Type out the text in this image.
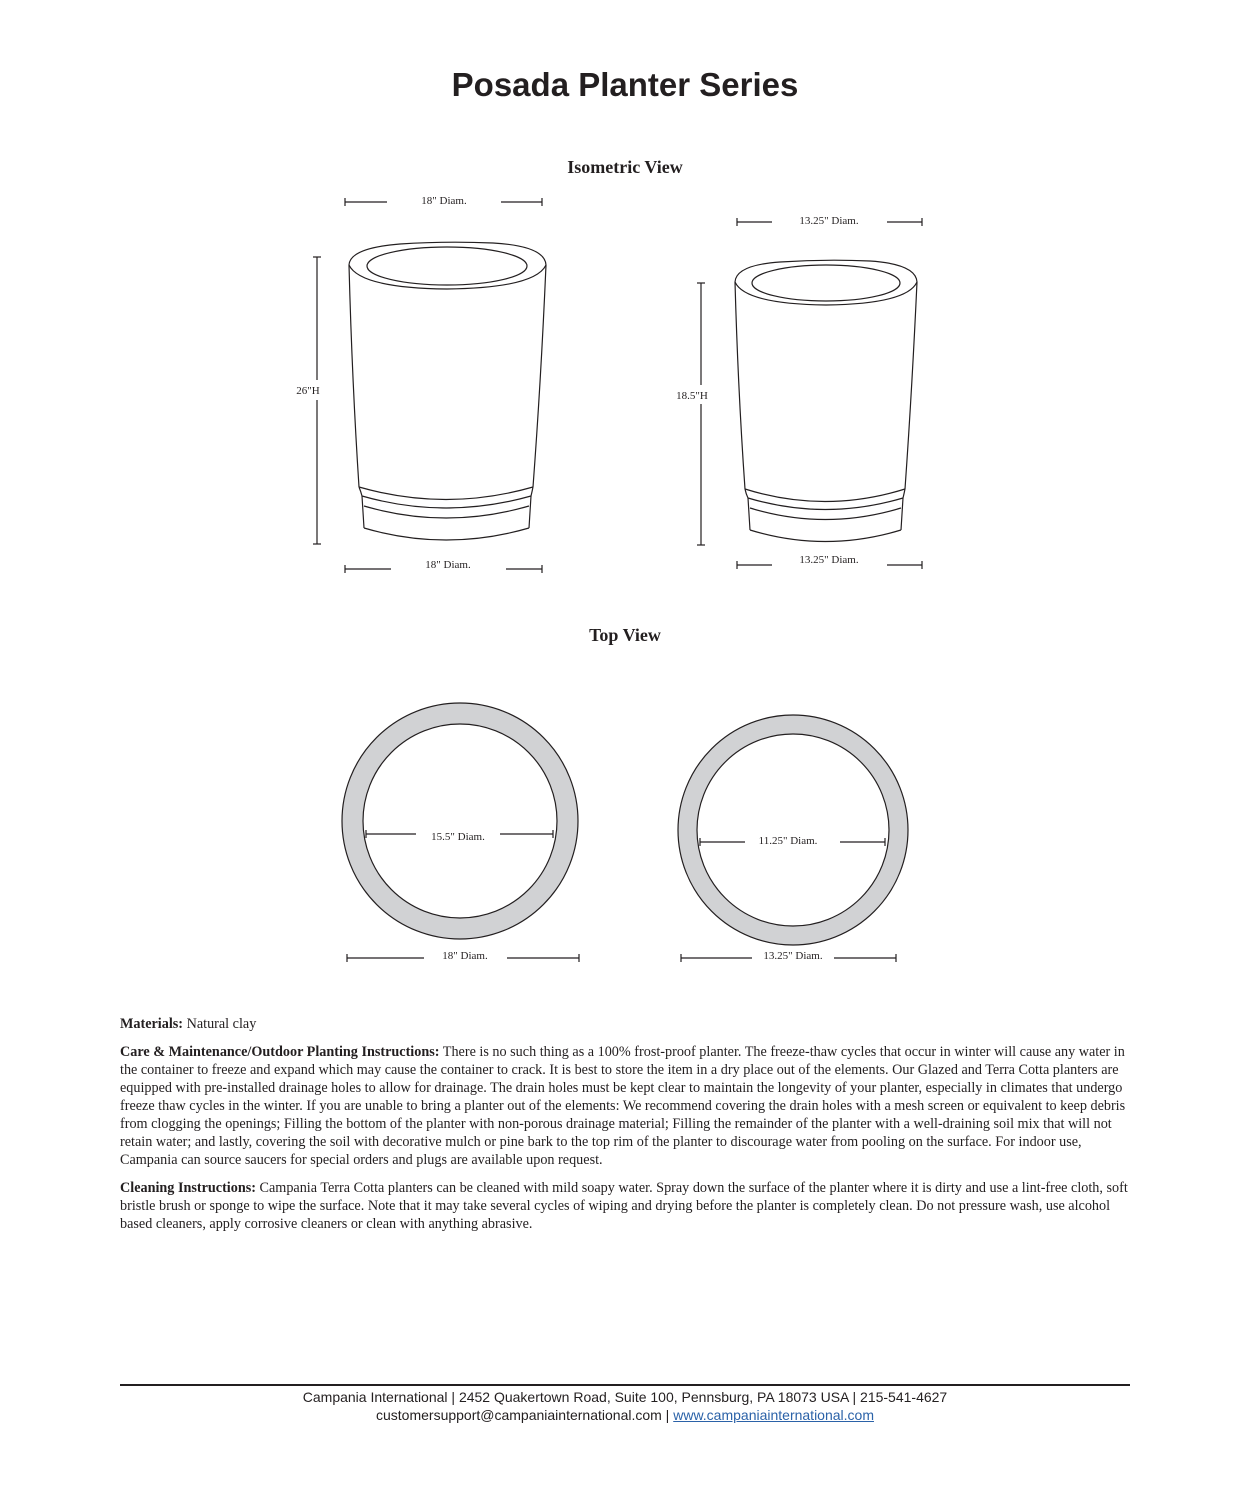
Posada Planter Series
Isometric View
Top View
18" Diam.
26"H
18" Diam.
13.25" Diam.
18.5"H
13.25" Diam.
15.5" Diam.
18" Diam.
11.25" Diam.
13.25" Diam.

Materials: Natural clay

Care & Maintenance/Outdoor Planting Instructions: There is no such thing as a 100% frost-proof planter. The freeze-thaw cycles that occur in winter will cause any water in the container to freeze and expand which may cause the container to crack. It is best to store the item in a dry place out of the elements. Our Glazed and Terra Cotta planters are equipped with pre-installed drainage holes to allow for drainage. The drain holes must be kept clear to maintain the longevity of your planter, especially in climates that undergo freeze thaw cycles in the winter. If you are unable to bring a planter out of the elements: We recommend covering the drain holes with a mesh screen or equivalent to keep debris from clogging the openings; Filling the bottom of the planter with non-porous drainage material; Filling the remainder of the planter with a well-draining soil mix that will not retain water; and lastly, covering the soil with decorative mulch or pine bark to the top rim of the planter to discourage water from pooling on the surface. For indoor use, Campania can source saucers for special orders and plugs are available upon request.

Cleaning Instructions: Campania Terra Cotta planters can be cleaned with mild soapy water. Spray down the surface of the planter where it is dirty and use a lint-free cloth, soft bristle brush or sponge to wipe the surface. Note that it may take several cycles of wiping and drying before the planter is completely clean. Do not pressure wash, use alcohol based cleaners, apply corrosive cleaners or clean with anything abrasive.

Campania International | 2452 Quakertown Road, Suite 100, Pennsburg, PA 18073 USA | 215-541-4627
customersupport@campaniainternational.com | www.campaniainternational.com
